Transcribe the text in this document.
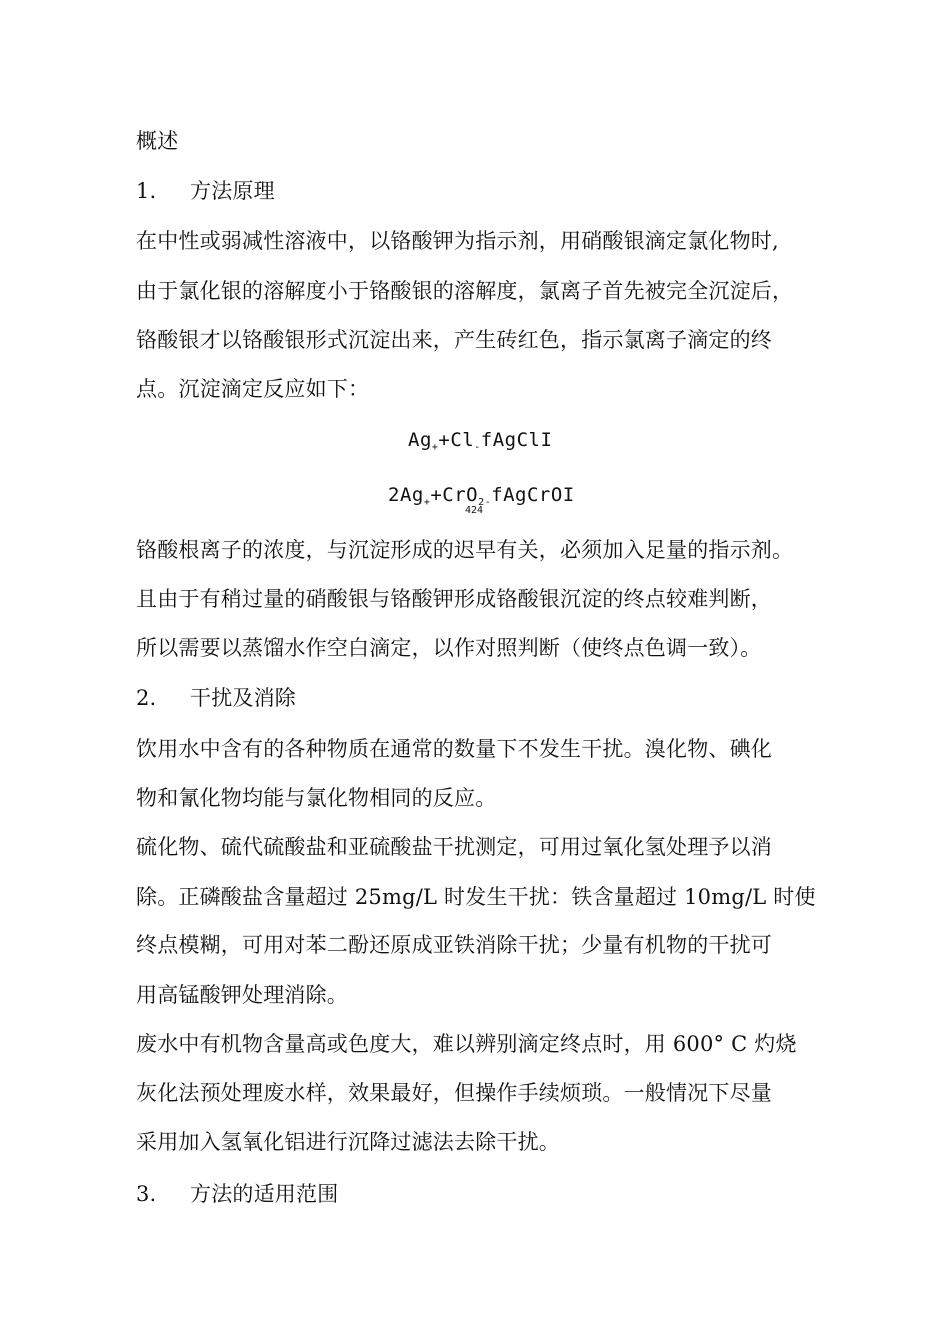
概述
1. 方法原理
在中性或弱减性溶液中，以铬酸钾为指示剂，用硝酸银滴定氯化物时,
由于氯化银的溶解度小于铬酸银的溶解度，氯离子首先被完全沉淀后，
铬酸银才以铬酸银形式沉淀出来，产生砖红色，指示氯离子滴定的终
点。沉淀滴定反应如下：
$Ag_++Cl_-fAgClI$
$2Ag_++CrO_{2-}fAgCrOI$
424
铬酸根离子的浓度，与沉淀形成的迟早有关，必须加入足量的指示剂。
且由于有稍过量的硝酸银与铬酸钾形成铬酸银沉淀的终点较难判断，
所以需要以蒸馏水作空白滴定，以作对照判断（使终点色调一致）。
2. 干扰及消除
饮用水中含有的各种物质在通常的数量下不发生干扰。溴化物、碘化
物和氰化物均能与氯化物相同的反应。
硫化物、硫代硫酸盐和亚硫酸盐干扰测定，可用过氧化氢处理予以消
除。正磷酸盐含量超过 25mg/L 时发生干扰：铁含量超过 10mg/L 时使
终点模糊，可用对苯二酚还原成亚铁消除干扰；少量有机物的干扰可
用高锰酸钾处理消除。
废水中有机物含量高或色度大，难以辨别滴定终点时，用 600° C 灼烧
灰化法预处理废水样，效果最好，但操作手续烦琐。一般情况下尽量
采用加入氢氧化铝进行沉降过滤法去除干扰。
3. 方法的适用范围
